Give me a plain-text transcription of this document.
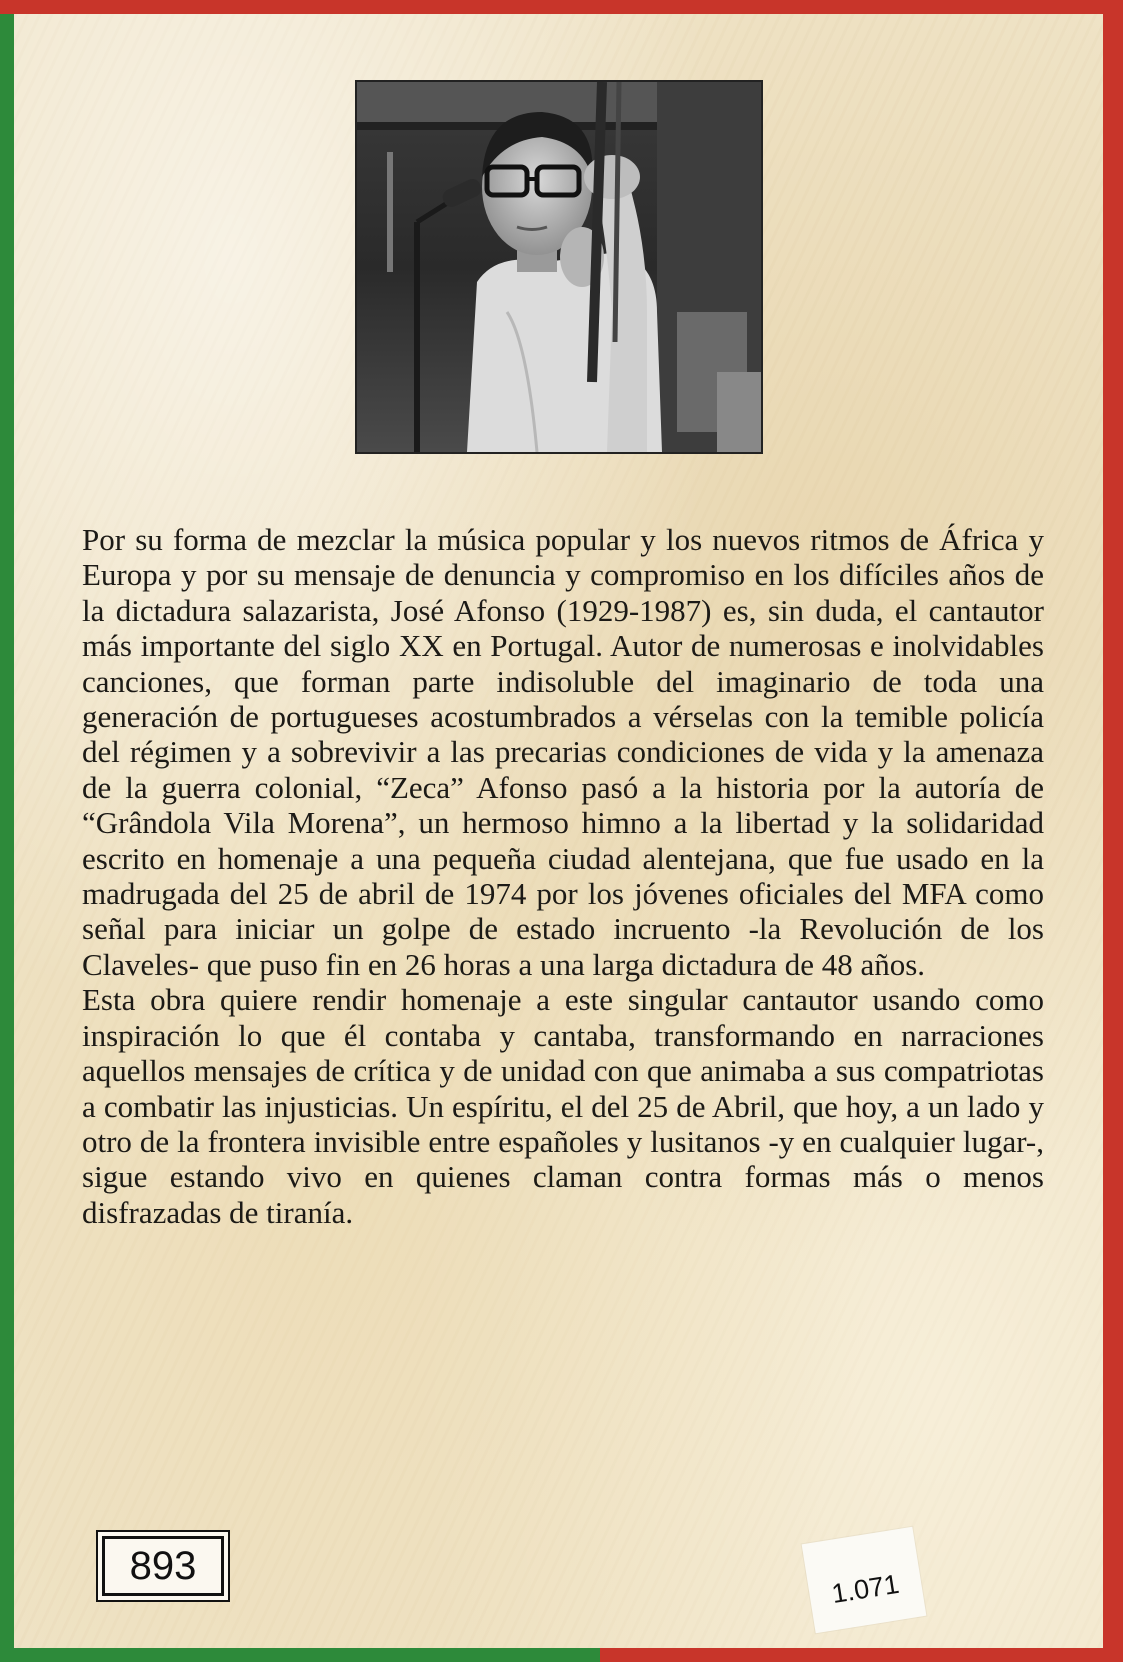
Por su forma de mezclar la música popular y los nuevos ritmos de África y Europa y por su mensaje de denuncia y compromiso en los difíciles años de la dictadura salazarista, José Afonso (1929-1987) es, sin duda, el cantautor más importante del siglo XX en Portugal. Autor de numerosas e inolvidables canciones, que forman parte indisoluble del imaginario de toda una generación de portugueses acostumbrados a vérselas con la temible policía del régimen y a sobrevivir a las precarias condiciones de vida y la amenaza de la guerra colonial, “Zeca” Afonso pasó a la historia por la autoría de “Grândola Vila Morena”, un hermoso himno a la libertad y la solidaridad escrito en homenaje a una pequeña ciudad alentejana, que fue usado en la madrugada del 25 de abril de 1974 por los jóvenes oficiales del MFA como señal para iniciar un golpe de estado incruento -la Revolución de los Claveles- que puso fin en 26 horas a una larga dictadura de 48 años.
Esta obra quiere rendir homenaje a este singular cantautor usando como inspiración lo que él contaba y cantaba, transformando en narraciones aquellos mensajes de crítica y de unidad con que animaba a sus compatriotas a combatir las injusticias. Un espíritu, el del 25 de Abril, que hoy, a un lado y otro de la frontera invisible entre españoles y lusitanos -y en cualquier lugar-, sigue estando vivo en quienes claman contra formas más o menos disfrazadas de tiranía.

893
1.071
